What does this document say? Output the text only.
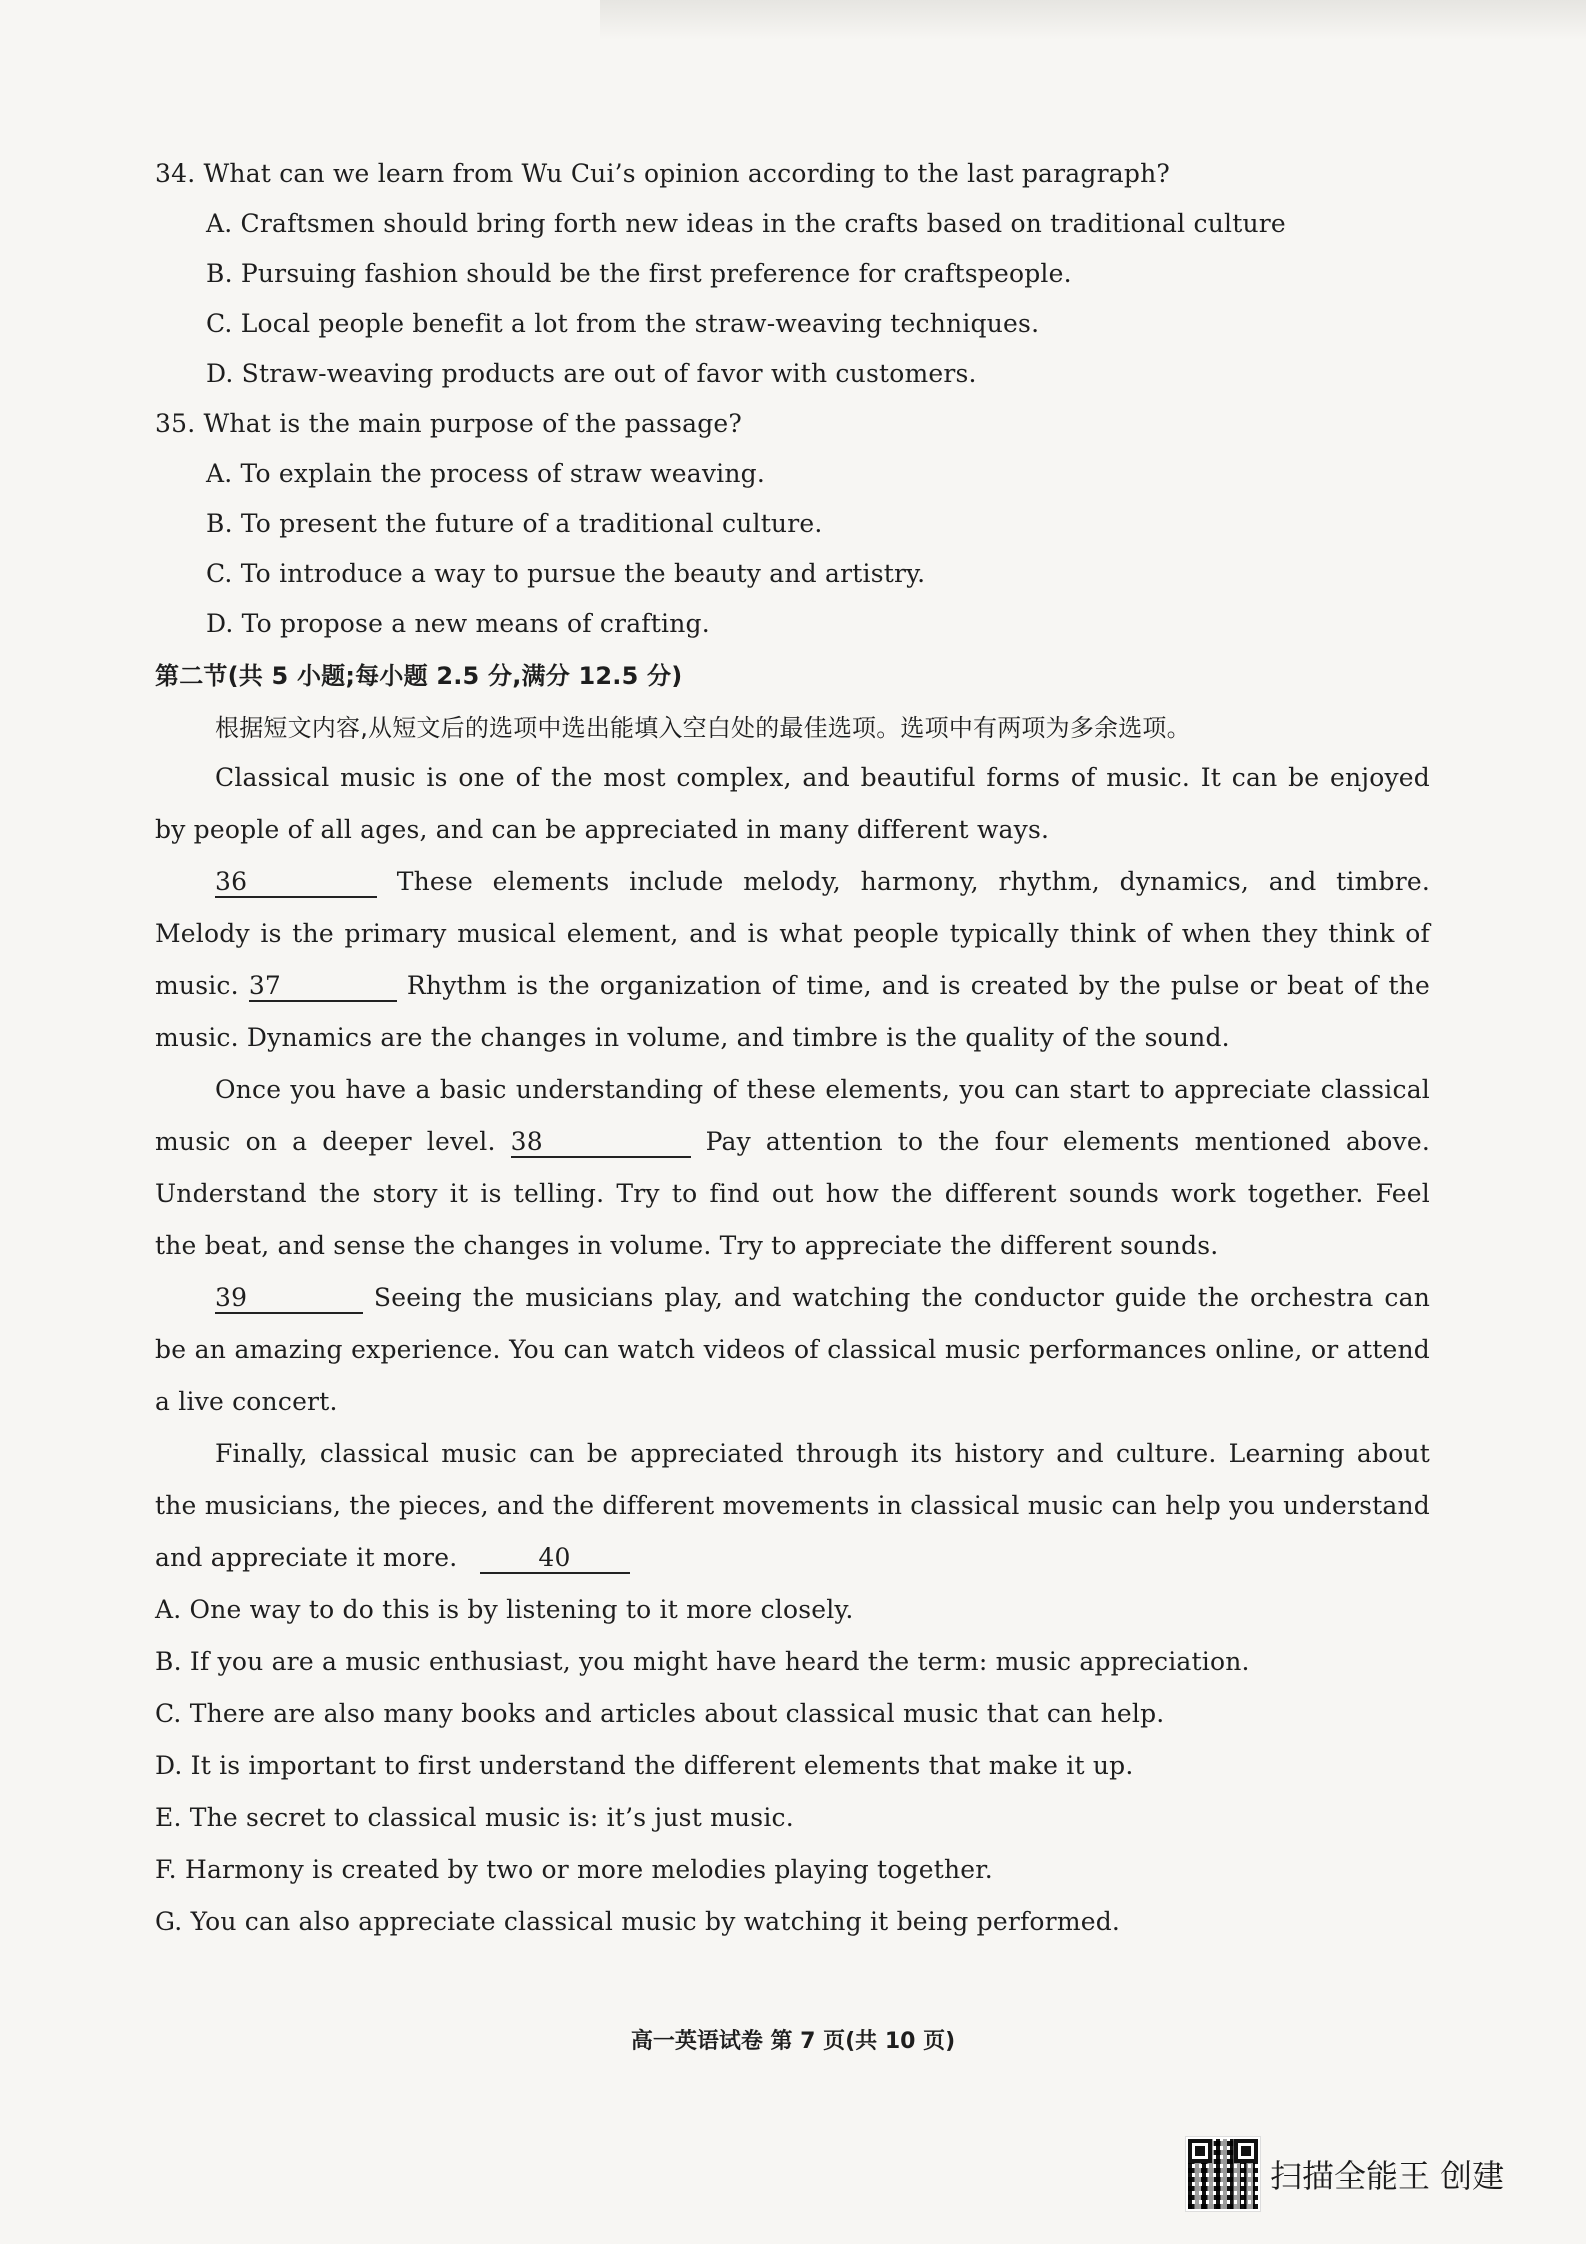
34. What can we learn from Wu Cui’s opinion according to the last paragraph?
A. Craftsmen should bring forth new ideas in the crafts based on traditional culture
B. Pursuing fashion should be the first preference for craftspeople.
C. Local people benefit a lot from the straw-weaving techniques.
D. Straw-weaving products are out of favor with customers.
35. What is the main purpose of the passage?
A. To explain the process of straw weaving.
B. To present the future of a traditional culture.
C. To introduce a way to pursue the beauty and artistry.
D. To propose a new means of crafting.
第二节(共 5 小题;每小题 2.5 分,满分 12.5 分)
根据短文内容,从短文后的选项中选出能填入空白处的最佳选项。选项中有两项为多余选项。
Classical music is one of the most complex, and beautiful forms of music. It can be enjoyed
by people of all ages, and can be appreciated in many different ways.
36	These elements include melody, harmony, rhythm, dynamics, and timbre.
Melody is the primary musical element, and is what people typically think of when they think of
music. 37	Rhythm is the organization of time, and is created by the pulse or beat of the
music. Dynamics are the changes in volume, and timbre is the quality of the sound.
Once you have a basic understanding of these elements, you can start to appreciate classical
music on a deeper level. 38	Pay attention to the four elements mentioned above.
Understand the story it is telling. Try to find out how the different sounds work together. Feel
the beat, and sense the changes in volume. Try to appreciate the different sounds.
39	Seeing the musicians play, and watching the conductor guide the orchestra can
be an amazing experience. You can watch videos of classical music performances online, or attend
a live concert.
Finally, classical music can be appreciated through its history and culture. Learning about
the musicians, the pieces, and the different movements in classical music can help you understand
and appreciate it more.	40
A. One way to do this is by listening to it more closely.
B. If you are a music enthusiast, you might have heard the term: music appreciation.
C. There are also many books and articles about classical music that can help.
D. It is important to first understand the different elements that make it up.
E. The secret to classical music is: it’s just music.
F. Harmony is created by two or more melodies playing together.
G. You can also appreciate classical music by watching it being performed.
高一英语试卷 第 7 页(共 10 页)
扫描全能王 创建
